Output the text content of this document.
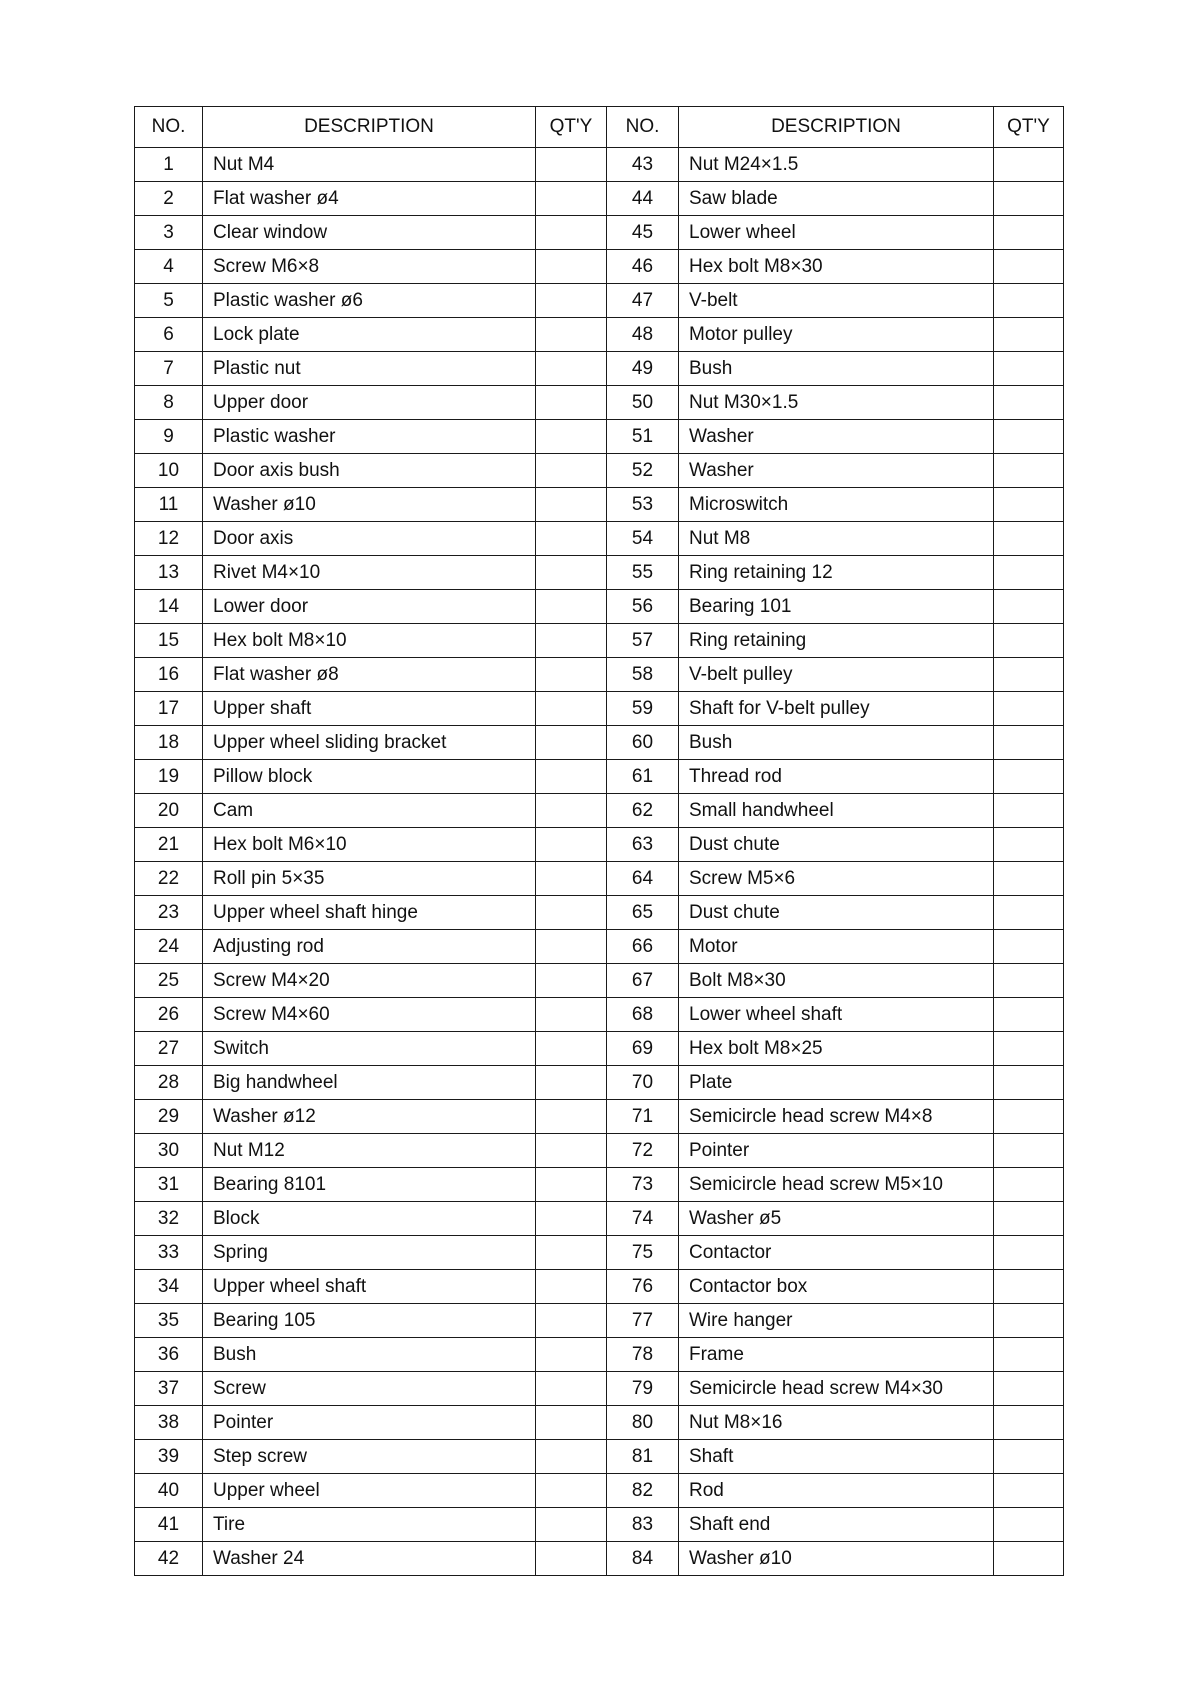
NO.	DESCRIPTION	QT'Y	NO.	DESCRIPTION	QT'Y
1	Nut M4		43	Nut M24×1.5	
2	Flat washer ø4		44	Saw blade	
3	Clear window		45	Lower wheel	
4	Screw M6×8		46	Hex bolt M8×30	
5	Plastic washer ø6		47	V-belt	
6	Lock plate		48	Motor pulley	
7	Plastic nut		49	Bush	
8	Upper door		50	Nut M30×1.5	
9	Plastic washer		51	Washer	
10	Door axis bush		52	Washer	
11	Washer ø10		53	Microswitch	
12	Door axis		54	Nut M8	
13	Rivet M4×10		55	Ring retaining 12	
14	Lower door		56	Bearing 101	
15	Hex bolt M8×10		57	Ring retaining	
16	Flat washer ø8		58	V-belt pulley	
17	Upper shaft		59	Shaft for V-belt pulley	
18	Upper wheel sliding bracket		60	Bush	
19	Pillow block		61	Thread rod	
20	Cam		62	Small handwheel	
21	Hex bolt M6×10		63	Dust chute	
22	Roll pin 5×35		64	Screw M5×6	
23	Upper wheel shaft hinge		65	Dust chute	
24	Adjusting rod		66	Motor	
25	Screw M4×20		67	Bolt M8×30	
26	Screw M4×60		68	Lower wheel shaft	
27	Switch		69	Hex bolt M8×25	
28	Big handwheel		70	Plate	
29	Washer ø12		71	Semicircle head screw M4×8	
30	Nut M12		72	Pointer	
31	Bearing 8101		73	Semicircle head screw M5×10	
32	Block		74	Washer ø5	
33	Spring		75	Contactor	
34	Upper wheel shaft		76	Contactor box	
35	Bearing 105		77	Wire hanger	
36	Bush		78	Frame	
37	Screw		79	Semicircle head screw M4×30	
38	Pointer		80	Nut M8×16	
39	Step screw		81	Shaft	
40	Upper wheel		82	Rod	
41	Tire		83	Shaft end	
42	Washer 24		84	Washer ø10	
